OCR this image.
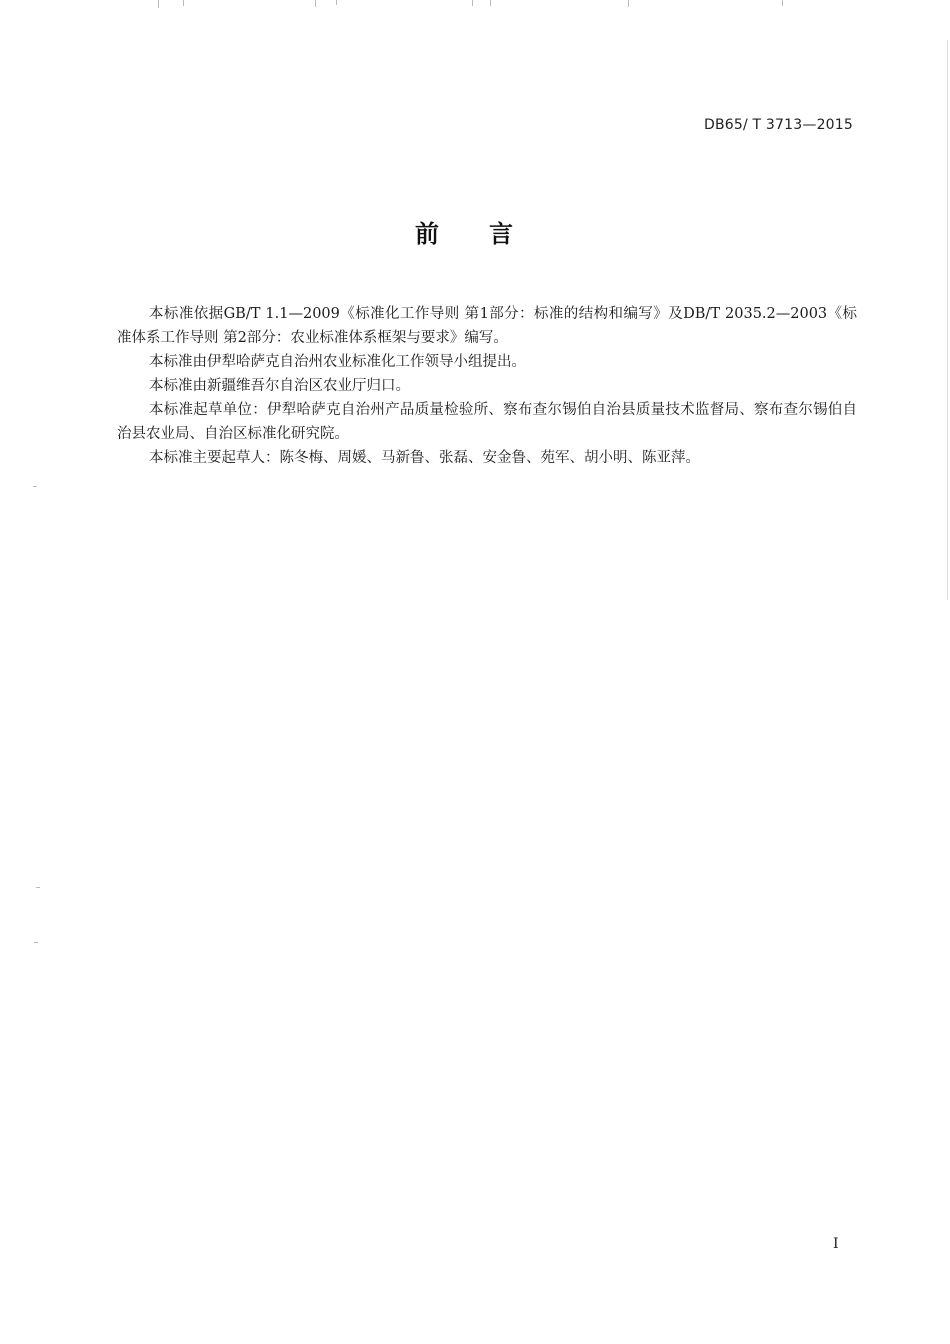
DB65/ T 3713—2015
前言

本标准依据GB/T 1.1—2009《标准化工作导则 第1部分：标准的结构和编写》及DB/T 2035.2—2003《标准体系工作导则 第2部分：农业标准体系框架与要求》编写。

本标准由伊犁哈萨克自治州农业标准化工作领导小组提出。

本标准由新疆维吾尔自治区农业厅归口。

本标准起草单位：伊犁哈萨克自治州产品质量检验所、察布查尔锡伯自治县质量技术监督局、察布查尔锡伯自治县农业局、自治区标准化研究院。

本标准主要起草人：陈冬梅、周媛、马新鲁、张磊、安金鲁、苑军、胡小明、陈亚萍。

I
